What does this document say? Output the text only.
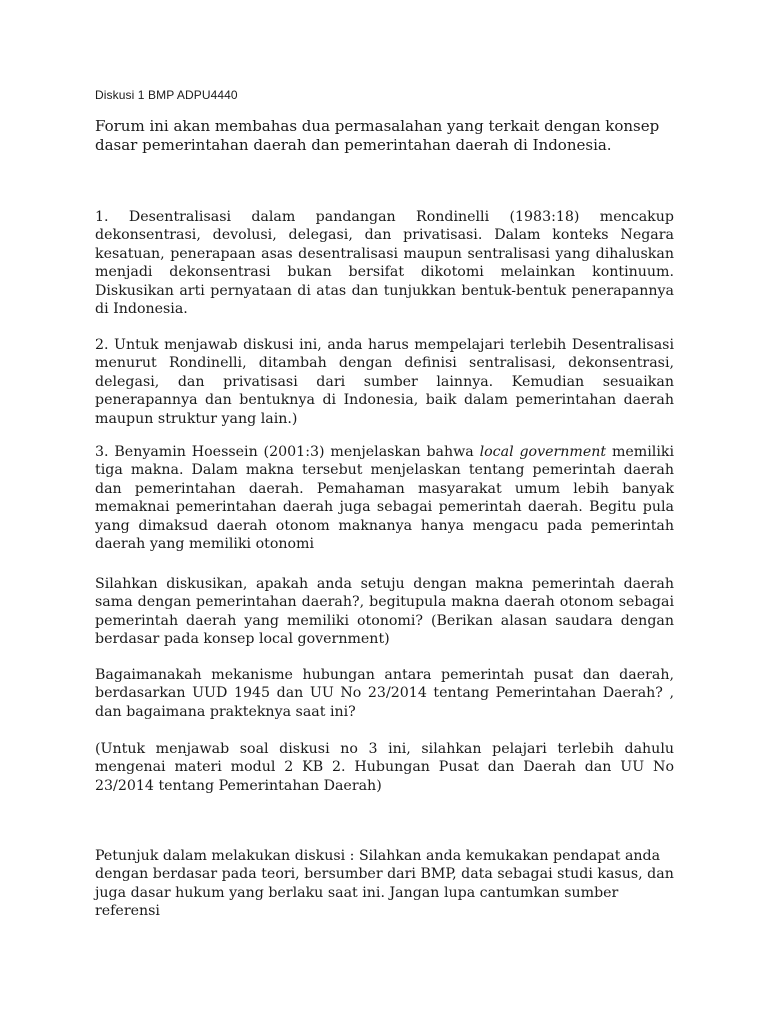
Diskusi 1 BMP ADPU4440

Forum ini akan membahas dua permasalahan yang terkait dengan konsep dasar pemerintahan daerah dan pemerintahan daerah di Indonesia.

1. Desentralisasi dalam pandangan Rondinelli (1983:18) mencakup dekonsentrasi, devolusi, delegasi, dan privatisasi. Dalam konteks Negara kesatuan, penerapaan asas desentralisasi maupun sentralisasi yang dihaluskan menjadi dekonsentrasi bukan bersifat dikotomi melainkan kontinuum. Diskusikan arti pernyataan di atas dan tunjukkan bentuk-bentuk penerapannya di Indonesia.

2. Untuk menjawab diskusi ini, anda harus mempelajari terlebih Desentralisasi menurut Rondinelli, ditambah dengan definisi sentralisasi, dekonsentrasi, delegasi, dan privatisasi dari sumber lainnya. Kemudian sesuaikan penerapannya dan bentuknya di Indonesia, baik dalam pemerintahan daerah maupun struktur yang lain.)

3. Benyamin Hoessein (2001:3) menjelaskan bahwa local government memiliki tiga makna. Dalam makna tersebut menjelaskan tentang pemerintah daerah dan pemerintahan daerah. Pemahaman masyarakat umum lebih banyak memaknai pemerintahan daerah juga sebagai pemerintah daerah. Begitu pula yang dimaksud daerah otonom maknanya hanya mengacu pada pemerintah daerah yang memiliki otonomi

Silahkan diskusikan, apakah anda setuju dengan makna pemerintah daerah sama dengan pemerintahan daerah?, begitupula makna daerah otonom sebagai pemerintah daerah yang memiliki otonomi? (Berikan alasan saudara dengan berdasar pada konsep local government)

Bagaimanakah mekanisme hubungan antara pemerintah pusat dan daerah, berdasarkan UUD 1945 dan UU No 23/2014 tentang Pemerintahan Daerah? , dan bagaimana prakteknya saat ini?

(Untuk menjawab soal diskusi no 3 ini, silahkan pelajari terlebih dahulu mengenai materi modul 2 KB 2. Hubungan Pusat dan Daerah dan UU No 23/2014 tentang Pemerintahan Daerah)

Petunjuk dalam melakukan diskusi : Silahkan anda kemukakan pendapat anda dengan berdasar pada teori, bersumber dari BMP, data sebagai studi kasus, dan juga dasar hukum yang berlaku saat ini. Jangan lupa cantumkan sumber referensi
